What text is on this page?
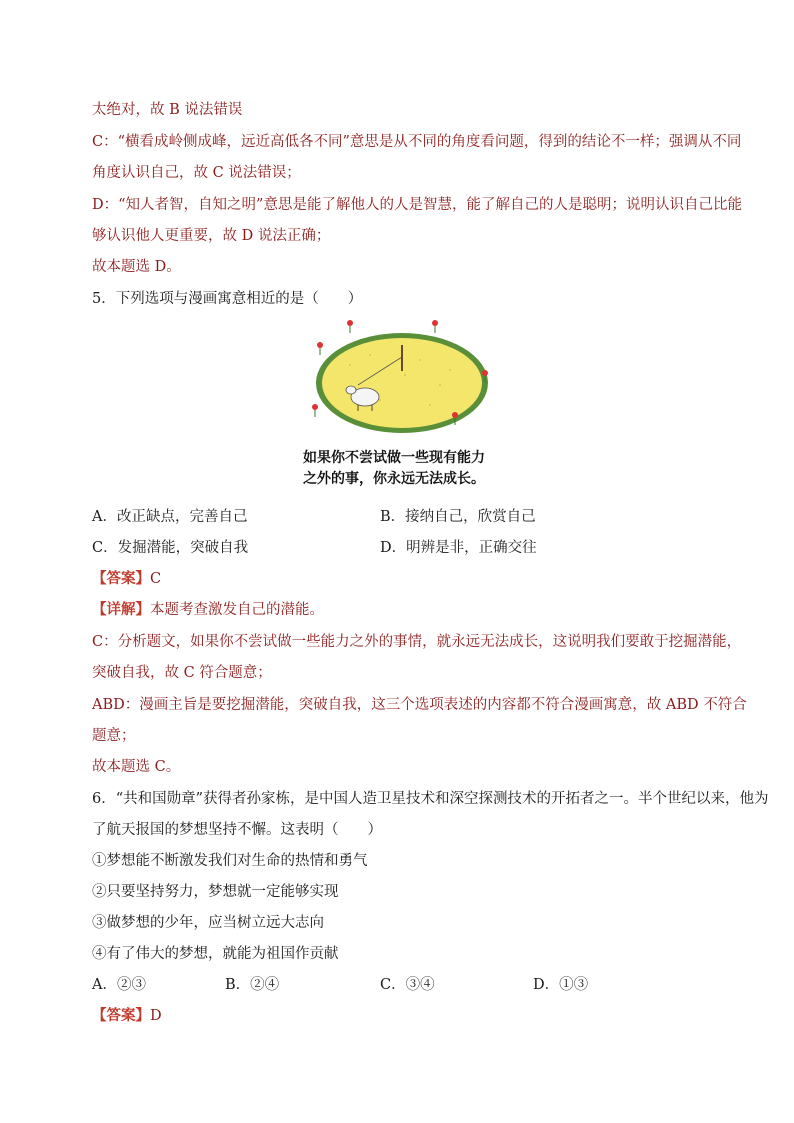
太绝对，故 B 说法错误
C：“横看成岭侧成峰，远近高低各不同”意思是从不同的角度看问题，得到的结论不一样；强调从不同
角度认识自己，故 C 说法错误；
D：“知人者智，自知之明”意思是能了解他人的人是智慧，能了解自己的人是聪明；说明认识自己比能
够认识他人更重要，故 D 说法正确；
故本题选 D。
5．下列选项与漫画寓意相近的是（　　）
如果你不尝试做一些现有能力
之外的事，你永远无法成长。
A．改正缺点，完善自己	B．接纳自己，欣赏自己
C．发掘潜能，突破自我	D．明辨是非，正确交往
【答案】C
【详解】本题考查激发自己的潜能。
C：分析题文，如果你不尝试做一些能力之外的事情，就永远无法成长，这说明我们要敢于挖掘潜能，
突破自我，故 C 符合题意；
ABD：漫画主旨是要挖掘潜能，突破自我，这三个选项表述的内容都不符合漫画寓意，故 ABD 不符合
题意；
故本题选 C。
6．“共和国勋章”获得者孙家栋，是中国人造卫星技术和深空探测技术的开拓者之一。半个世纪以来，他为
了航天报国的梦想坚持不懈。这表明（　　）
①梦想能不断激发我们对生命的热情和勇气
②只要坚持努力，梦想就一定能够实现
③做梦想的少年，应当树立远大志向
④有了伟大的梦想，就能为祖国作贡献
A．②③	B．②④	C．③④	D．①③
【答案】D
